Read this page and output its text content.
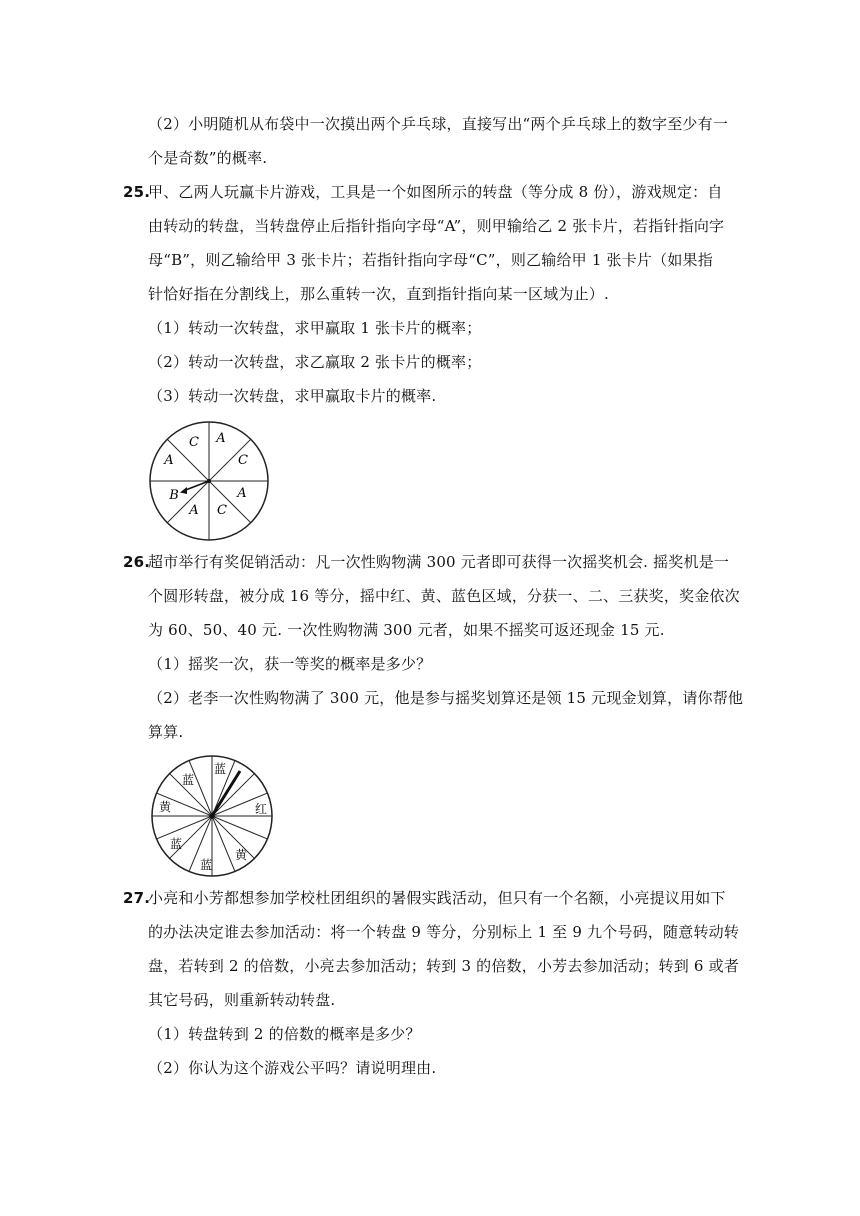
（2）小明随机从布袋中一次摸出两个乒乓球，直接写出“两个乒乓球上的数字至少有一
个是奇数”的概率.
25.
甲、乙两人玩赢卡片游戏，工具是一个如图所示的转盘（等分成 8 份），游戏规定：自
由转动的转盘，当转盘停止后指针指向字母“A”，则甲输给乙 2 张卡片，若指针指向字
母“B”，则乙输给甲 3 张卡片；若指针指向字母“C”，则乙输给甲 1 张卡片（如果指
针恰好指在分割线上，那么重转一次，直到指针指向某一区域为止）.
（1）转动一次转盘，求甲赢取 1 张卡片的概率；
（2）转动一次转盘，求乙赢取 2 张卡片的概率；
（3）转动一次转盘，求甲赢取卡片的概率.
C A
C
A
C
A
B
A
26.
超市举行有奖促销活动：凡一次性购物满 300 元者即可获得一次摇奖机会. 摇奖机是一
个圆形转盘，被分成 16 等分，摇中红、黄、蓝色区域，分获一、二、三获奖，奖金依次
为 60、50、40 元. 一次性购物满 300 元者，如果不摇奖可返还现金 15 元.
（1）摇奖一次，获一等奖的概率是多少？
（2）老李一次性购物满了 300 元，他是参与摇奖划算还是领 15 元现金划算，请你帮他
算算.
蓝
蓝
红
黄
蓝
蓝
黄
27.
小亮和小芳都想参加学校杜团组织的暑假实践活动，但只有一个名额，小亮提议用如下
的办法决定谁去参加活动：将一个转盘 9 等分，分别标上 1 至 9 九个号码，随意转动转
盘，若转到 2 的倍数，小亮去参加活动；转到 3 的倍数，小芳去参加活动；转到 6 或者
其它号码，则重新转动转盘.
（1）转盘转到 2 的倍数的概率是多少？
（2）你认为这个游戏公平吗？请说明理由.
